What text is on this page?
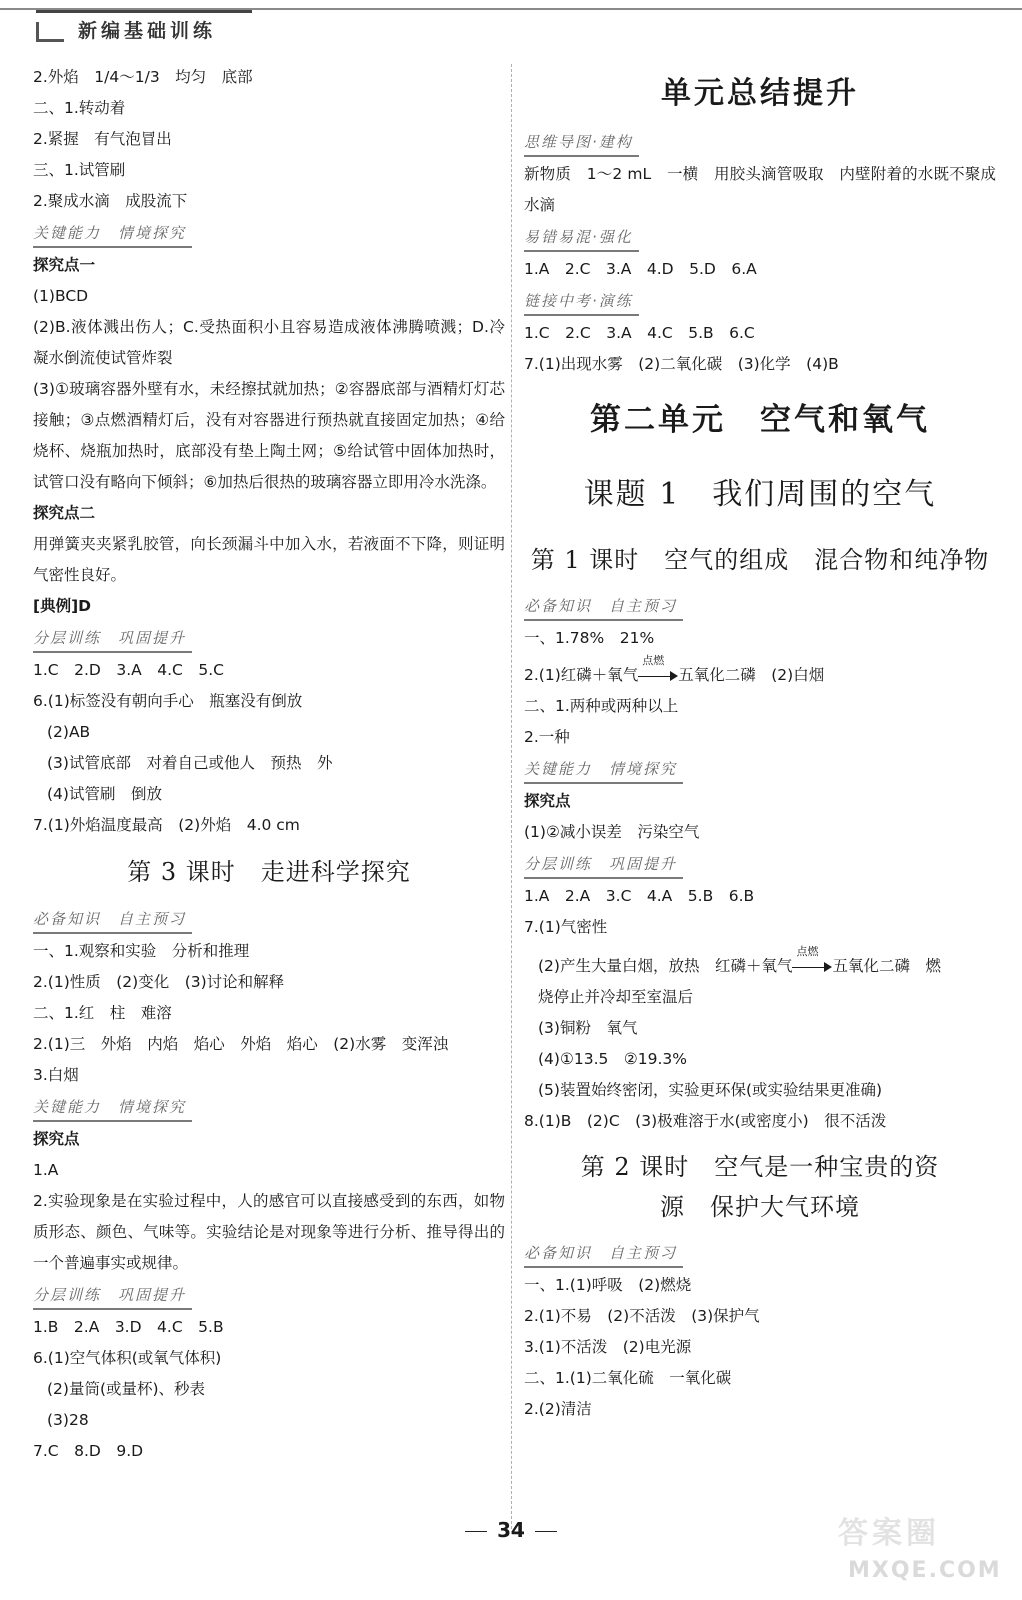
新编基础训练
2.外焰　1/4～1/3　均匀　底部
二、1.转动着
2.紧握　有气泡冒出
三、1.试管刷
2.聚成水滴　成股流下
关键能力　情境探究
探究点一
(1)BCD
(2)B.液体溅出伤人；C.受热面积小且容易造成液体沸腾喷溅；D.冷凝水倒流使试管炸裂
(3)①玻璃容器外壁有水，未经擦拭就加热；②容器底部与酒精灯灯芯接触；③点燃酒精灯后，没有对容器进行预热就直接固定加热；④给烧杯、烧瓶加热时，底部没有垫上陶土网；⑤给试管中固体加热时，试管口没有略向下倾斜；⑥加热后很热的玻璃容器立即用冷水洗涤。
探究点二
用弹簧夹夹紧乳胶管，向长颈漏斗中加入水，若液面不下降，则证明气密性良好。
[典例]D
分层训练　巩固提升
1.C　2.D　3.A　4.C　5.C
6.(1)标签没有朝向手心　瓶塞没有倒放
(2)AB
(3)试管底部　对着自己或他人　预热　外
(4)试管刷　倒放
7.(1)外焰温度最高　(2)外焰　4.0 cm
第 3 课时　走进科学探究
必备知识　自主预习
一、1.观察和实验　分析和推理
2.(1)性质　(2)变化　(3)讨论和解释
二、1.红　柱　难溶
2.(1)三　外焰　内焰　焰心　外焰　焰心　(2)水雾　变浑浊
3.白烟
关键能力　情境探究
探究点
1.A
2.实验现象是在实验过程中，人的感官可以直接感受到的东西，如物质形态、颜色、气味等。实验结论是对现象等进行分析、推导得出的一个普遍事实或规律。
分层训练　巩固提升
1.B　2.A　3.D　4.C　5.B
6.(1)空气体积(或氧气体积)
(2)量筒(或量杯)、秒表
(3)28
7.C　8.D　9.D
单元总结提升
思维导图·建构
新物质　1～2 mL　一横　用胶头滴管吸取　内壁附着的水既不聚成水滴
易错易混·强化
1.A　2.C　3.A　4.D　5.D　6.A
链接中考·演练
1.C　2.C　3.A　4.C　5.B　6.C
7.(1)出现水雾　(2)二氧化碳　(3)化学　(4)B
第二单元　空气和氧气
课题 1　我们周围的空气
第 1 课时　空气的组成　混合物和纯净物
必备知识　自主预习
一、1.78%　21%
2.(1)红磷＋氧气
点燃
五氧化二磷　(2)白烟
二、1.两种或两种以上
2.一种
关键能力　情境探究
探究点
(1)②减小误差　污染空气
分层训练　巩固提升
1.A　2.A　3.C　4.A　5.B　6.B
7.(1)气密性
(2)产生大量白烟，放热　红磷＋氧气
点燃
五氧化二磷　燃
烧停止并冷却至室温后
(3)铜粉　氧气
(4)①13.5　②19.3%
(5)装置始终密闭，实验更环保(或实验结果更准确)
8.(1)B　(2)C　(3)极难溶于水(或密度小)　很不活泼
第 2 课时　空气是一种宝贵的资
源　保护大气环境
必备知识　自主预习
一、1.(1)呼吸　(2)燃烧
2.(1)不易　(2)不活泼　(3)保护气
3.(1)不活泼　(2)电光源
二、1.(1)二氧化硫　一氧化碳
2.(2)清洁
34	答案圈
MXQE.COM
